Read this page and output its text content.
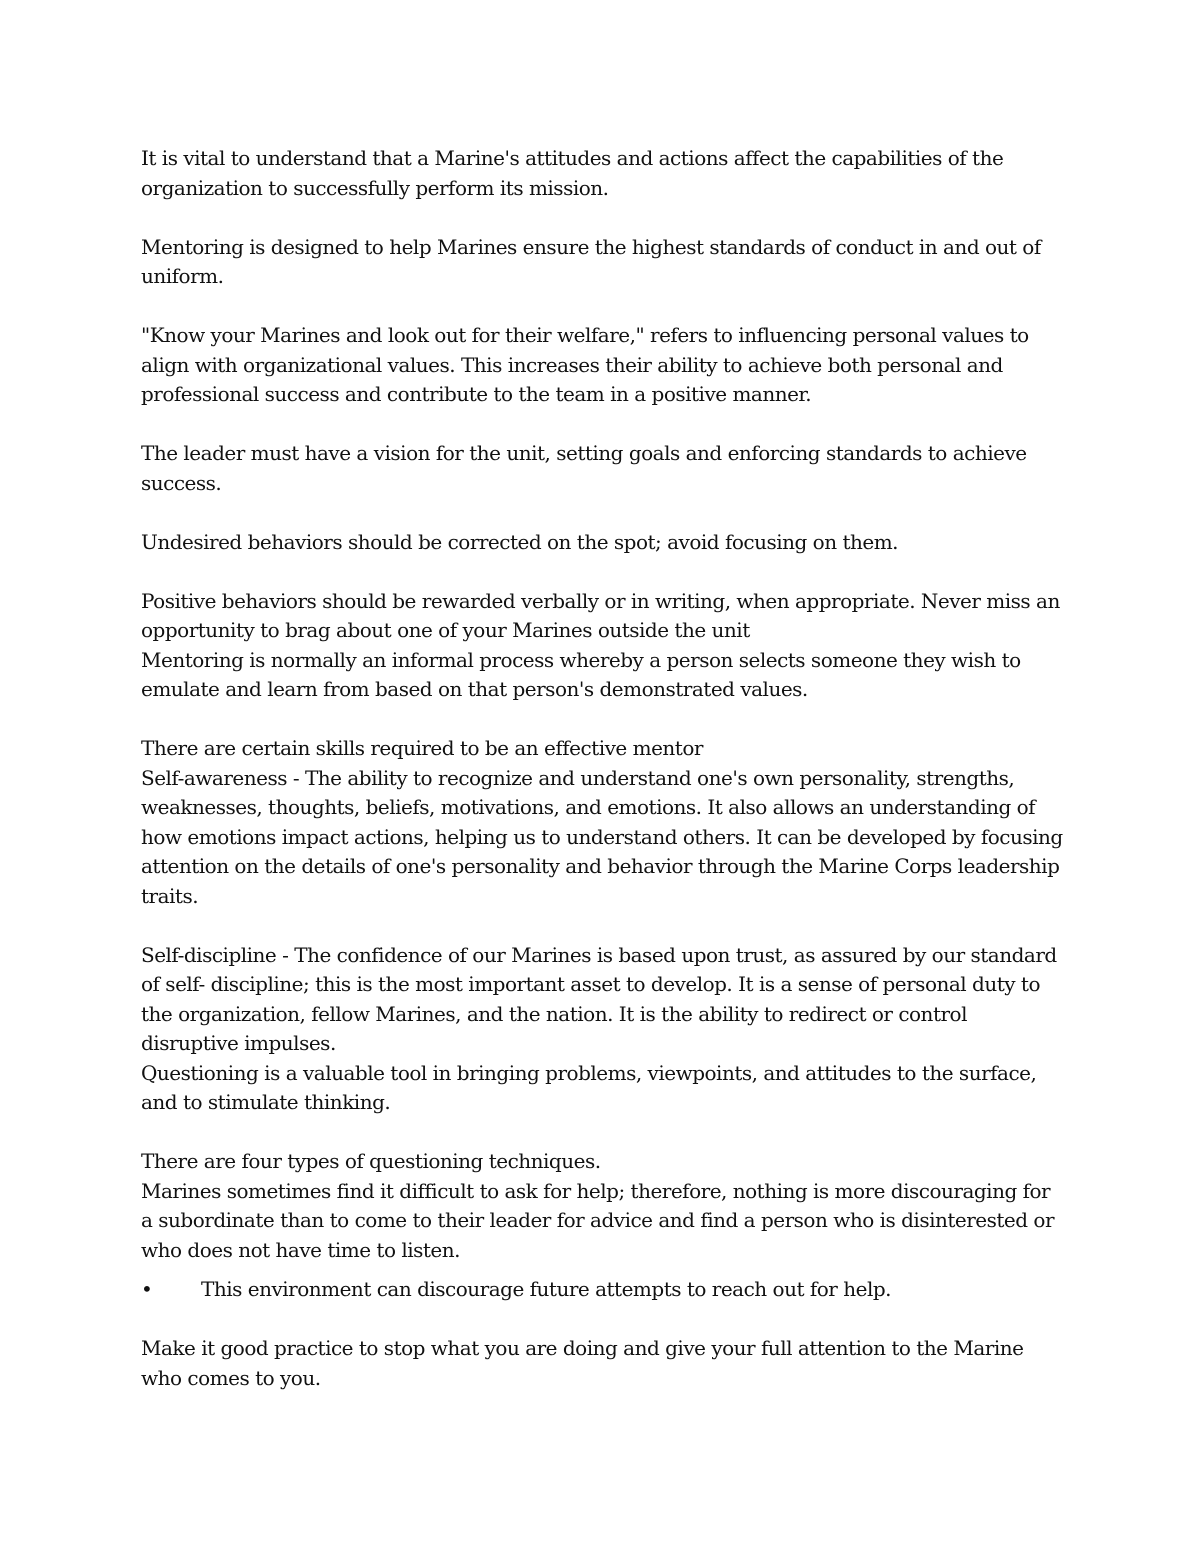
It is vital to understand that a Marine's attitudes and actions affect the capabilities of the organization to successfully perform its mission.

Mentoring is designed to help Marines ensure the highest standards of conduct in and out of uniform.

"Know your Marines and look out for their welfare," refers to influencing personal values to align with organizational values. This increases their ability to achieve both personal and professional success and contribute to the team in a positive manner.

The leader must have a vision for the unit, setting goals and enforcing standards to achieve success.

Undesired behaviors should be corrected on the spot; avoid focusing on them.

Positive behaviors should be rewarded verbally or in writing, when appropriate. Never miss an opportunity to brag about one of your Marines outside the unit
Mentoring is normally an informal process whereby a person selects someone they wish to emulate and learn from based on that person's demonstrated values.
There are certain skills required to be an effective mentor
Self-awareness - The ability to recognize and understand one's own personality, strengths, weaknesses, thoughts, beliefs, motivations, and emotions. It also allows an understanding of how emotions impact actions, helping us to understand others. It can be developed by focusing attention on the details of one's personality and behavior through the Marine Corps leadership traits.
Self-discipline - The confidence of our Marines is based upon trust, as assured by our standard of self- discipline; this is the most important asset to develop. It is a sense of personal duty to the organization, fellow Marines, and the nation. It is the ability to redirect or control disruptive impulses.
Questioning is a valuable tool in bringing problems, viewpoints, and attitudes to the surface, and to stimulate thinking.
There are four types of questioning techniques.
Marines sometimes find it difficult to ask for help; therefore, nothing is more discouraging for a subordinate than to come to their leader for advice and find a person who is disinterested or who does not have time to listen.
•	This environment can discourage future attempts to reach out for help.

Make it good practice to stop what you are doing and give your full attention to the Marine who comes to you.
